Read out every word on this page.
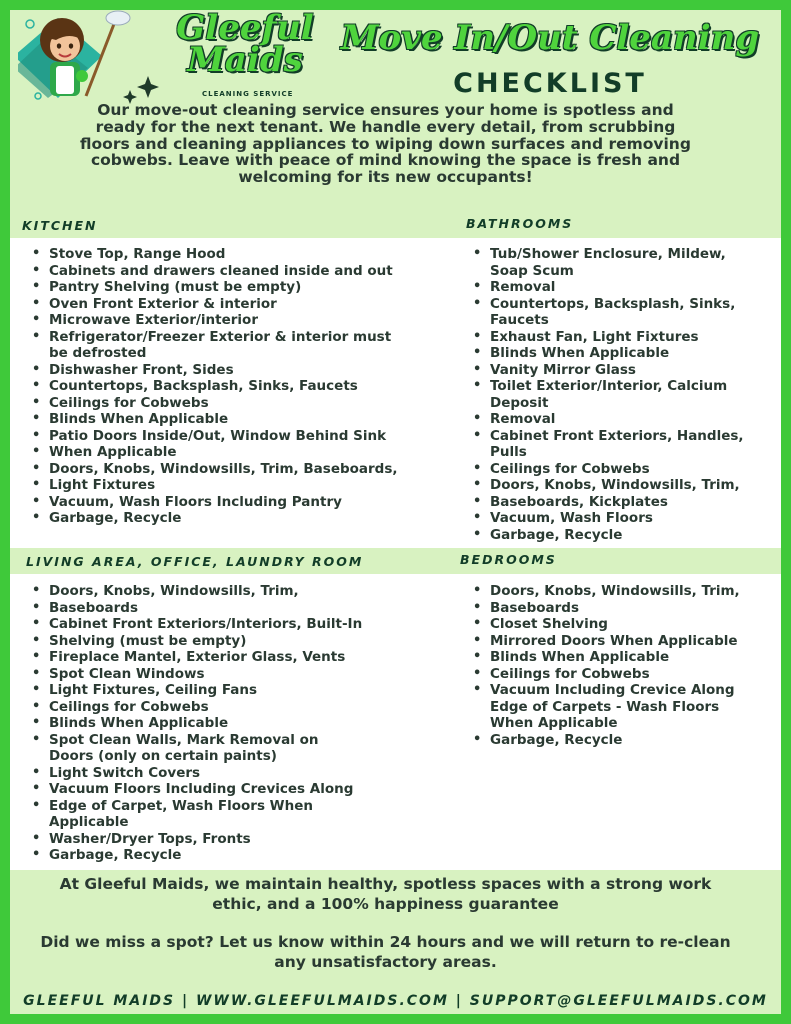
Gleeful Maids
CLEANING SERVICE
Move In/Out Cleaning
CHECKLIST
Our move-out cleaning service ensures your home is spotless and ready for the next tenant. We handle every detail, from scrubbing floors and cleaning appliances to wiping down surfaces and removing cobwebs. Leave with peace of mind knowing the space is fresh and welcoming for its new occupants!
KITCHEN	BATHROOMS
• Stove Top, Range Hood
• Cabinets and drawers cleaned inside and out
• Pantry Shelving (must be empty)
• Oven Front Exterior & interior
• Microwave Exterior/interior
• Refrigerator/Freezer Exterior & interior must be defrosted
• Dishwasher Front, Sides
• Countertops, Backsplash, Sinks, Faucets
• Ceilings for Cobwebs
• Blinds When Applicable
• Patio Doors Inside/Out, Window Behind Sink
• When Applicable
• Doors, Knobs, Windowsills, Trim, Baseboards,
• Light Fixtures
• Vacuum, Wash Floors Including Pantry
• Garbage, Recycle
• Tub/Shower Enclosure, Mildew, Soap Scum
• Removal
• Countertops, Backsplash, Sinks, Faucets
• Exhaust Fan, Light Fixtures
• Blinds When Applicable
• Vanity Mirror Glass
• Toilet Exterior/Interior, Calcium Deposit
• Removal
• Cabinet Front Exteriors, Handles, Pulls
• Ceilings for Cobwebs
• Doors, Knobs, Windowsills, Trim,
• Baseboards, Kickplates
• Vacuum, Wash Floors
• Garbage, Recycle
LIVING AREA, OFFICE, LAUNDRY ROOM	BEDROOMS
• Doors, Knobs, Windowsills, Trim,
• Baseboards
• Cabinet Front Exteriors/Interiors, Built-In
• Shelving (must be empty)
• Fireplace Mantel, Exterior Glass, Vents
• Spot Clean Windows
• Light Fixtures, Ceiling Fans
• Ceilings for Cobwebs
• Blinds When Applicable
• Spot Clean Walls, Mark Removal on Doors (only on certain paints)
• Light Switch Covers
• Vacuum Floors Including Crevices Along
• Edge of Carpet, Wash Floors When Applicable
• Washer/Dryer Tops, Fronts
• Garbage, Recycle
• Doors, Knobs, Windowsills, Trim,
• Baseboards
• Closet Shelving
• Mirrored Doors When Applicable
• Blinds When Applicable
• Ceilings for Cobwebs
• Vacuum Including Crevice Along Edge of Carpets - Wash Floors When Applicable
• Garbage, Recycle
At Gleeful Maids, we maintain healthy, spotless spaces with a strong work ethic, and a 100% happiness guarantee
Did we miss a spot? Let us know within 24 hours and we will return to re-clean any unsatisfactory areas.
GLEEFUL MAIDS | WWW.GLEEFULMAIDS.COM | SUPPORT@GLEEFULMAIDS.COM
